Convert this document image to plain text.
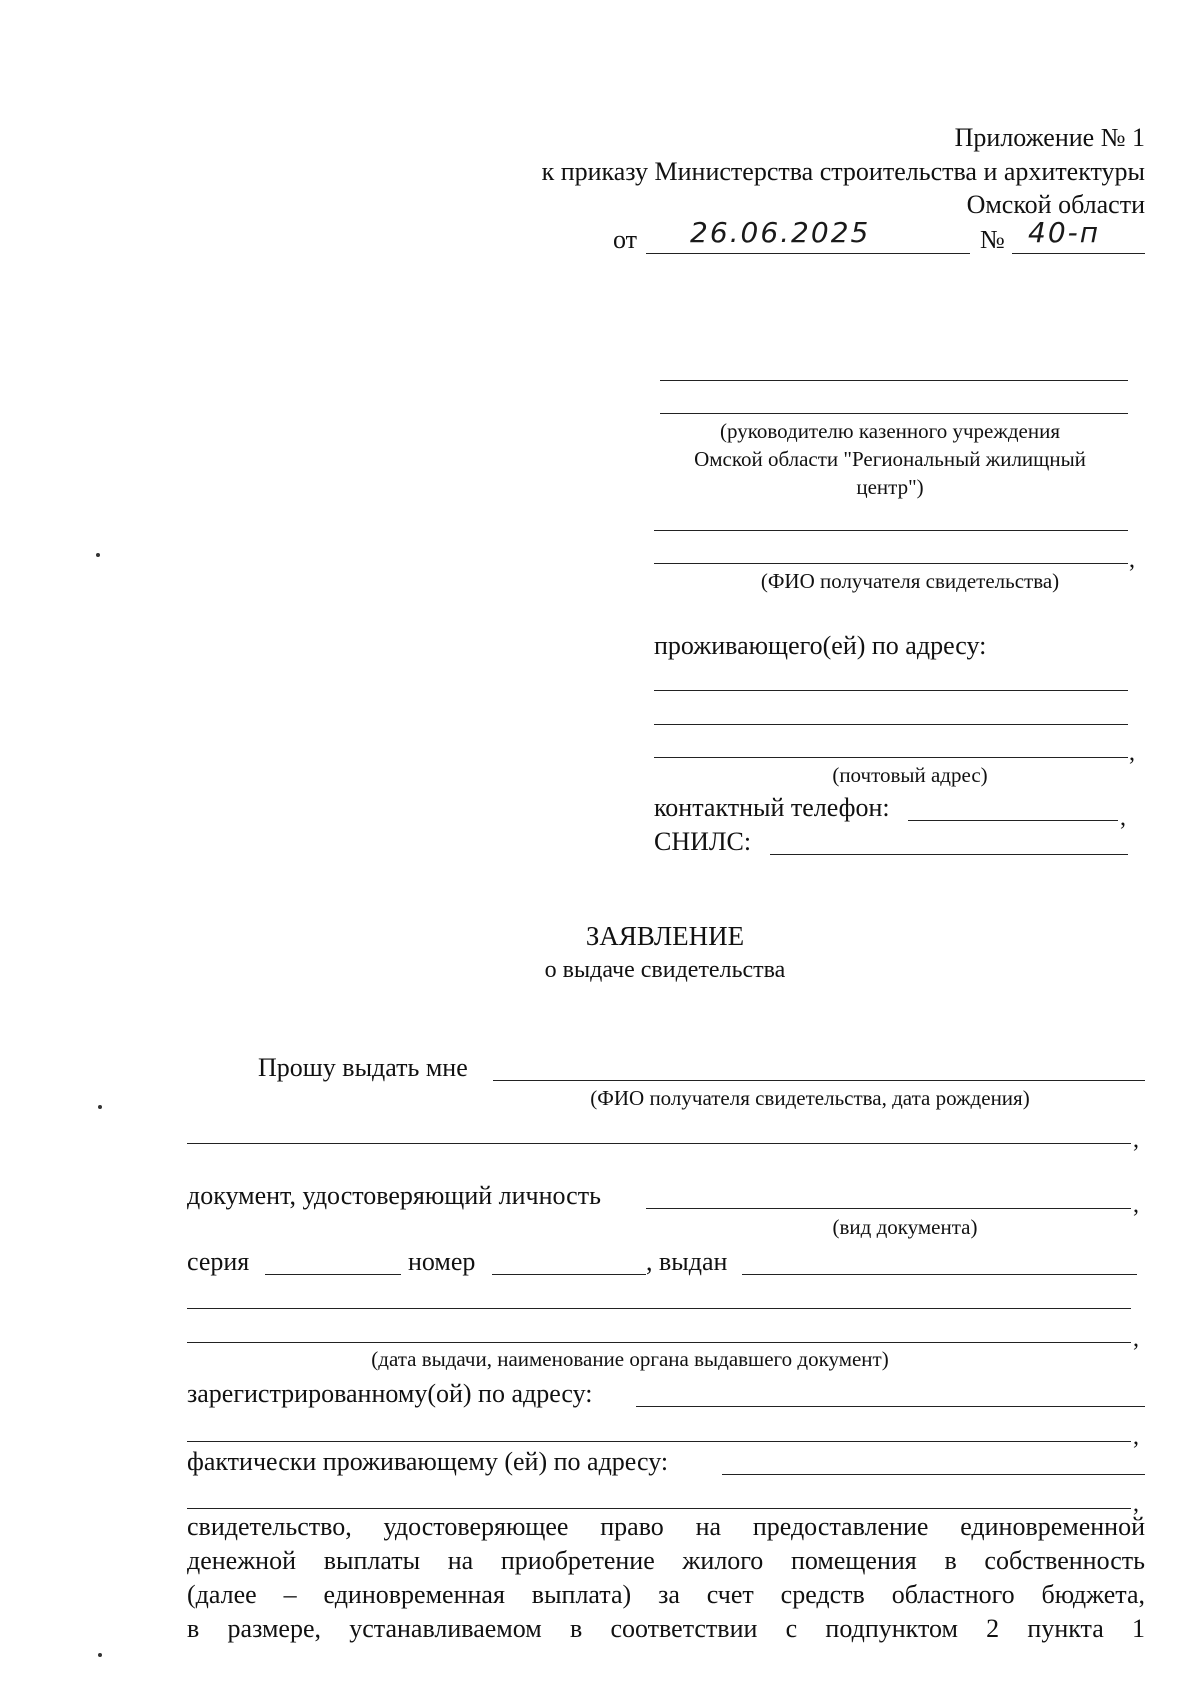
Приложение № 1
к приказу Министерства строительства и архитектуры
Омской области
от 26.06.2025	№ 40-п
(руководителю казенного учреждения
Омской области "Региональный жилищный
центр")
,
(ФИО получателя свидетельства)
проживающего(ей) по адресу:
,
(почтовый адрес)
контактный телефон:	,
СНИЛС:
ЗАЯВЛЕНИЕ
о выдаче свидетельства
Прошу выдать мне
(ФИО получателя свидетельства, дата рождения)
,
документ, удостоверяющий личность	,
(вид документа)
серия	номер	, выдан
,
(дата выдачи, наименование органа выдавшего документ)
зарегистрированному(ой) по адресу:
,
фактически проживающему (ей) по адресу:
,
свидетельство, удостоверяющее право на предоставление единовременной
денежной выплаты на приобретение жилого помещения в собственность
(далее – единовременная выплата) за счет средств областного бюджета,
в размере, устанавливаемом в соответствии с подпунктом 2 пункта 1
